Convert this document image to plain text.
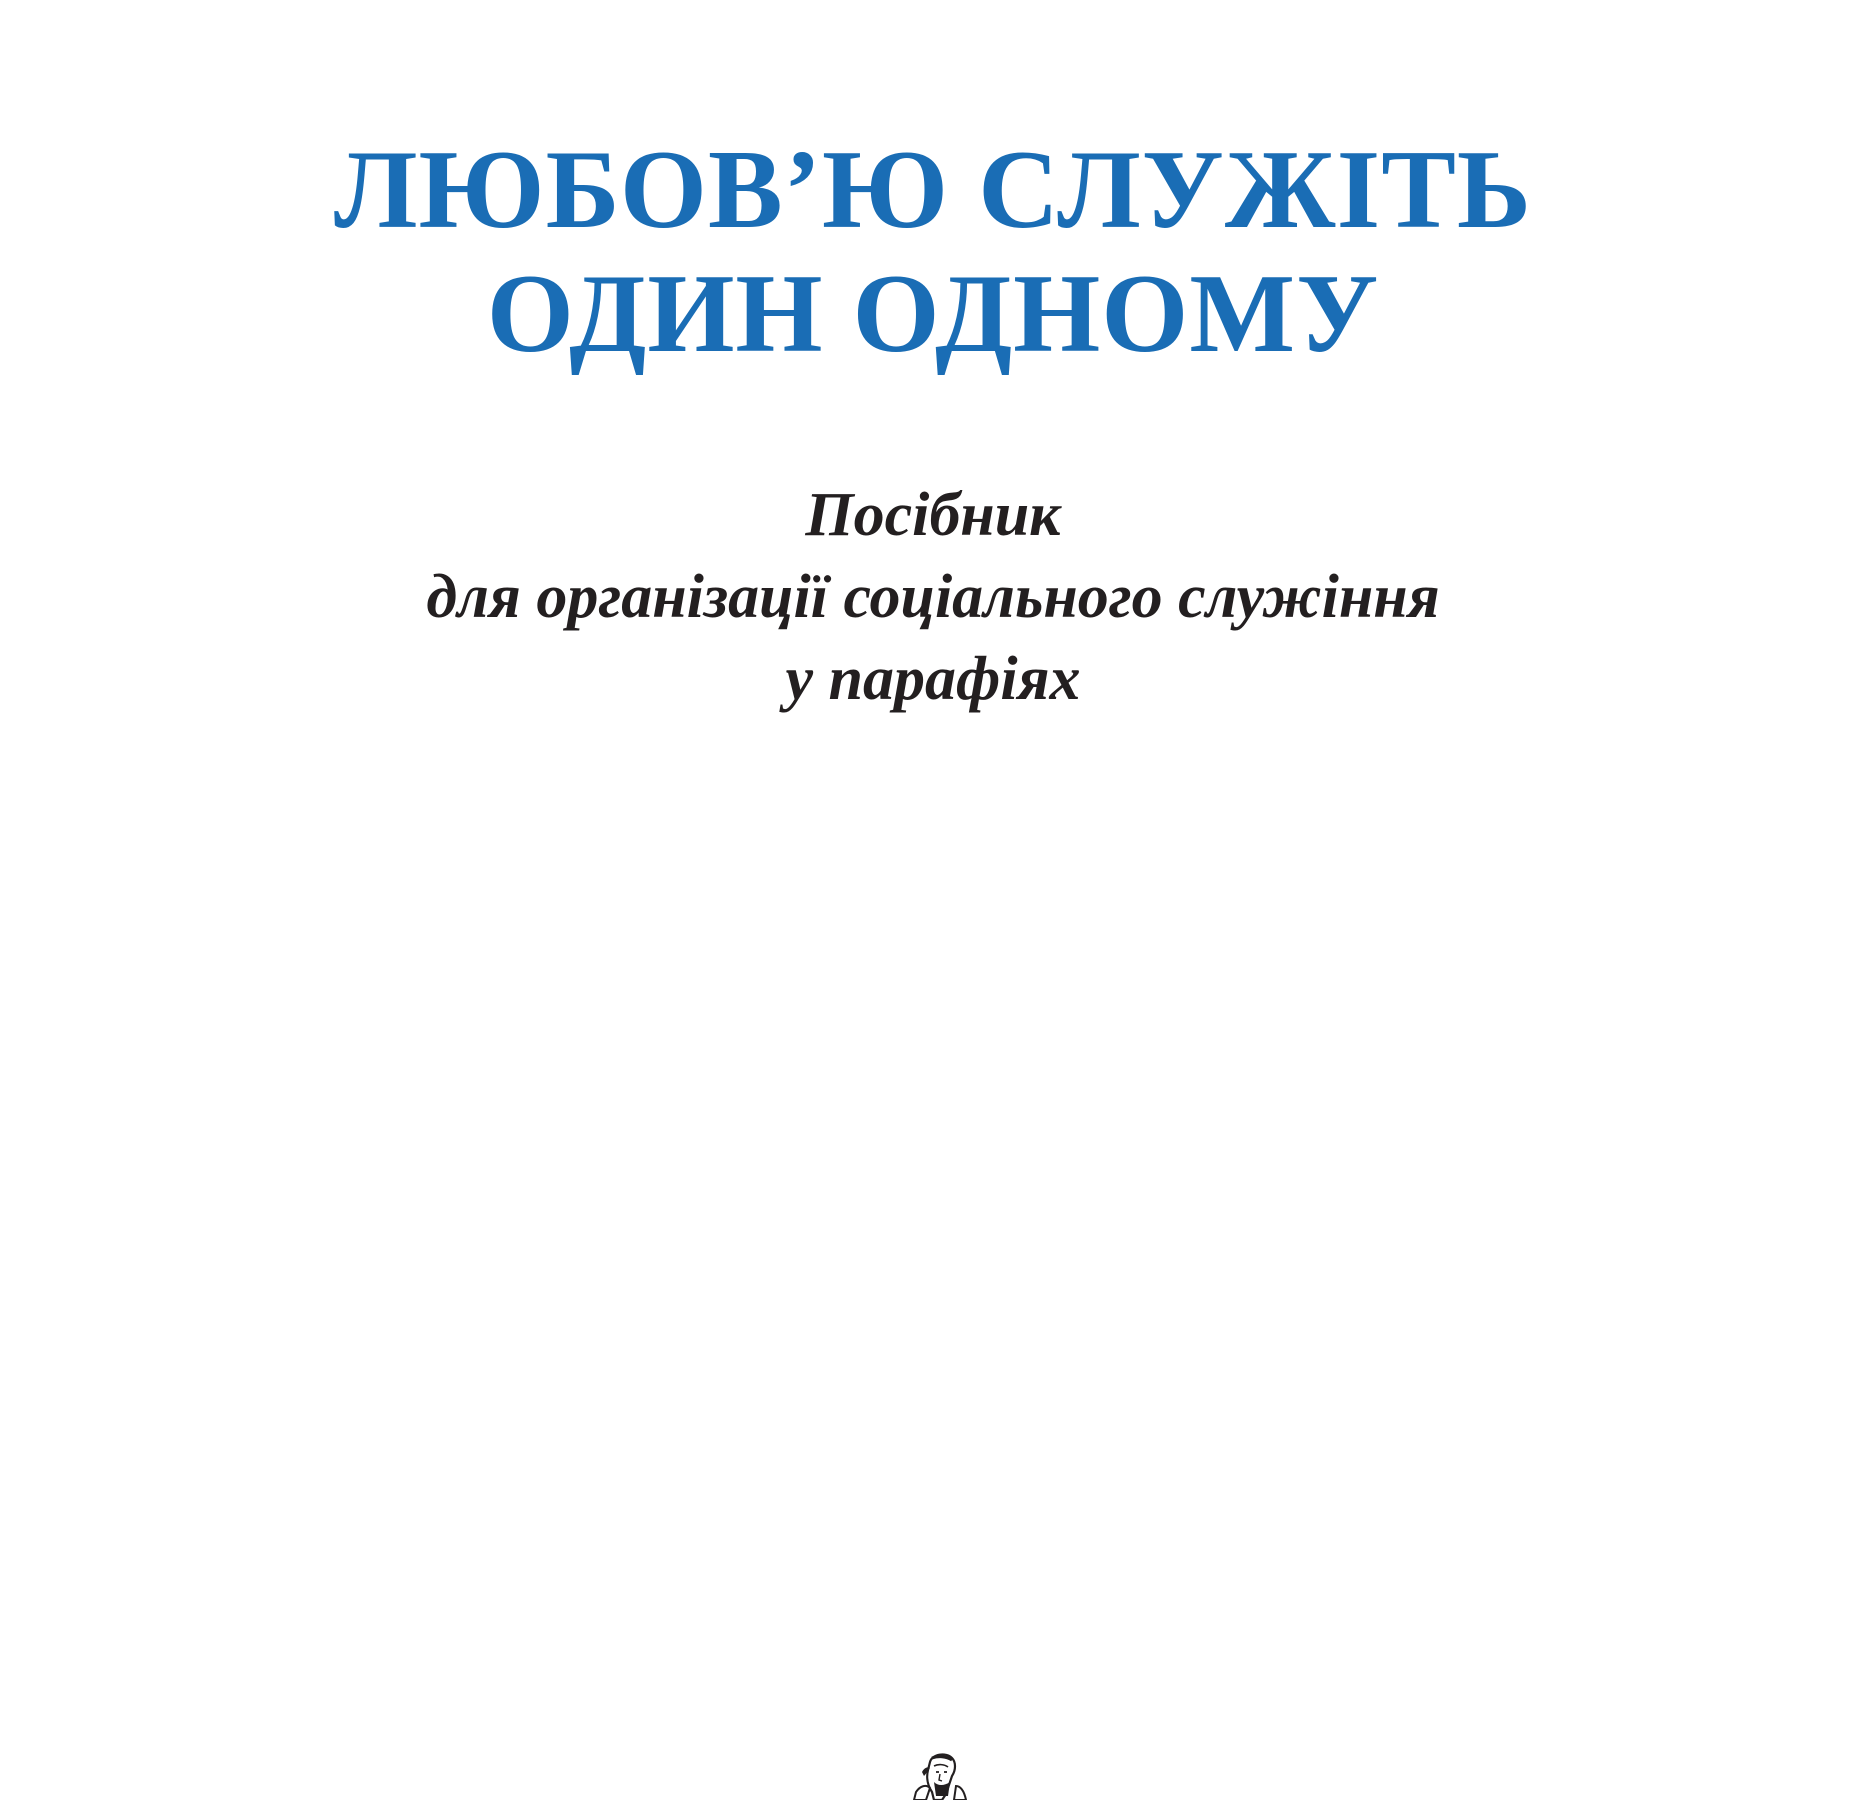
ЛЮБОВ’Ю СЛУЖІТЬ
ОДИН ОДНОМУ
Посібник
для організації соціального служіння
у парафіях
